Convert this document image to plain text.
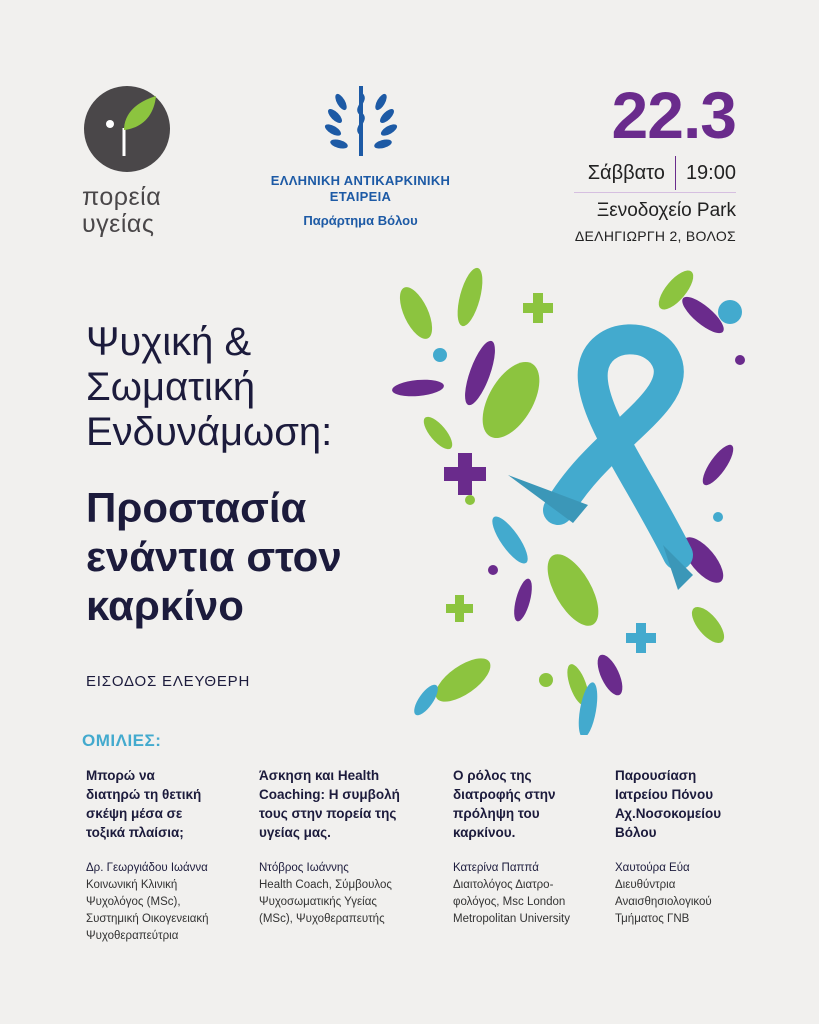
πορεία
υγείας
ΕΛΛΗΝΙΚΗ ΑΝΤΙΚΑΡΚΙΝΙΚΗ
ΕΤΑΙΡΕΙΑ
Παράρτημα Βόλου
22.3
Σάββατο 19:00
Ξενοδοχείο Park
ΔΕΛΗΓΙΩΡΓΗ 2, ΒΟΛΟΣ
Ψυχική &
Σωματική
Ενδυνάμωση:
Προστασία
ενάντια στον
καρκίνο
ΕΙΣΟΔΟΣ ΕΛΕΥΘΕΡΗ
ΟΜΙΛΙΕΣ:
Μπορώ να
διατηρώ τη θετική
σκέψη μέσα σε
τοξικά πλαίσια;
Δρ. Γεωργιάδου Ιωάννα
Κοινωνική Κλινική
Ψυχολόγος (MSc),
Συστημική Οικογενειακή
Ψυχοθεραπεύτρια
Άσκηση και Health
Coaching: Η συμβολή
τους στην πορεία της
υγείας μας.
Ντόβρος Ιωάννης
Health Coach, Σύμβουλος
Ψυχοσωματικής Υγείας
(MSc), Ψυχοθεραπευτής
Ο ρόλος της
διατροφής στην
πρόληψη του
καρκίνου.
Κατερίνα Παππά
Διαιτολόγος Διατρο-
φολόγος, Msc London
Metropolitan University
Παρουσίαση
Ιατρείου Πόνου
Αχ.Νοσοκομείου
Βόλου
Χαυτούρα Εύα
Διευθύντρια
Αναισθησιολογικού
Τμήματος ΓΝΒ
